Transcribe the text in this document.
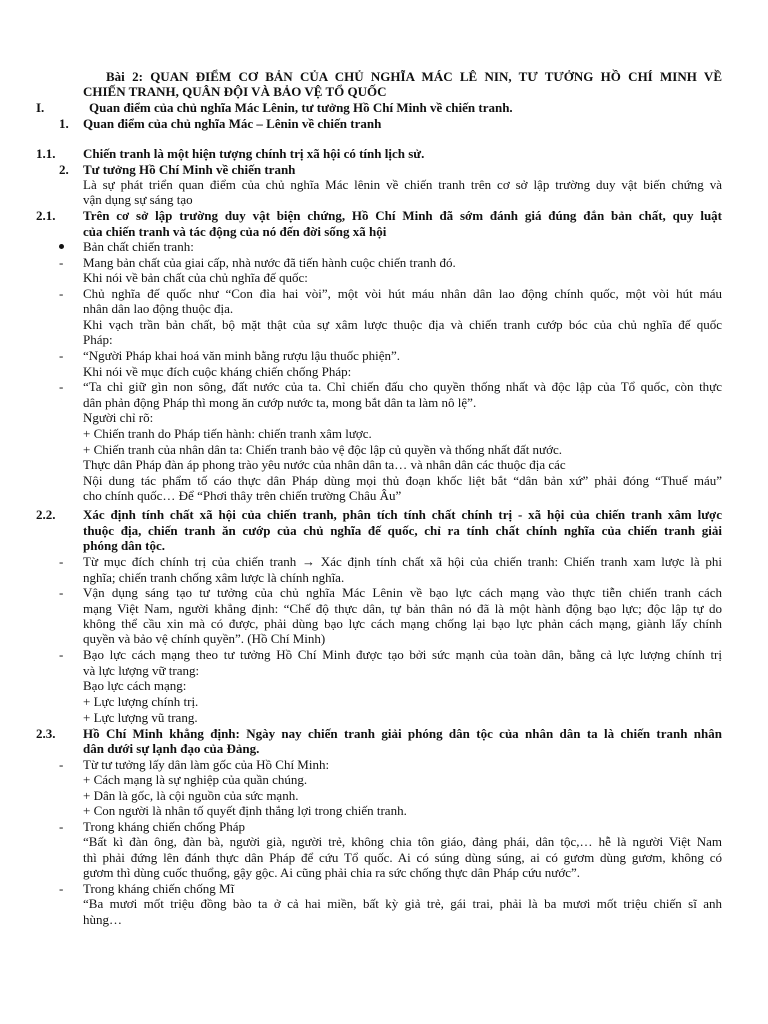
Bài 2: QUAN ĐIỂM CƠ BẢN CỦA CHỦ NGHĨA MÁC LÊ NIN, TƯ TƯỞNG HỒ CHÍ MINH VỀ
CHIẾN TRANH, QUÂN ĐỘI VÀ BẢO VỆ TỔ QUỐC
I.	Quan điểm của chủ nghĩa Mác Lênin, tư tưởng Hồ Chí Minh về chiến tranh.
1. Quan điểm của chủ nghĩa Mác – Lênin về chiến tranh
1.1. Chiến tranh là một hiện tượng chính trị xã hội có tính lịch sử.
2. Tư tưởng Hồ Chí Minh về chiến tranh
Là sự phát triển quan điểm của chủ nghĩa Mác lênin về chiến tranh trên cơ sở lập trường duy vật biến chứng và
vận dụng sự sáng tạo
2.1. Trên cơ sở lập trường duy vật biện chứng, Hồ Chí Minh đã sớm đánh giá đúng đắn bản chất, quy luật
của chiến tranh và tác động của nó đến đời sống xã hội
Bản chất chiến tranh:
- Mang bản chất của giai cấp, nhà nước đã tiến hành cuộc chiến tranh đó.
Khi nói về bản chất của chủ nghĩa đế quốc:
- Chủ nghĩa đế quốc như “Con đỉa hai vòi”, một vòi hút máu nhân dân lao động chính quốc, một vòi hút máu
nhân dân lao động thuộc địa.
Khi vạch trần bản chất, bộ mặt thật của sự xâm lược thuộc địa và chiến tranh cướp bóc của chủ nghĩa đế quốc
Pháp:
- “Người Pháp khai hoá văn minh bằng rượu lậu thuốc phiện”.
Khi nói về mục đích cuộc kháng chiến chống Pháp:
- “Ta chỉ giữ gìn non sông, đất nước của ta. Chỉ chiến đấu cho quyền thống nhất và độc lập của Tổ quốc, còn thực
dân phản động Pháp thì mong ăn cướp nước ta, mong bắt dân ta làm nô lệ”.
Người chỉ rõ:
+ Chiến tranh do Pháp tiến hành: chiến tranh xâm lược.
+ Chiến tranh của nhân dân ta: Chiến tranh bảo vệ độc lập củ quyền và thống nhất đất nước.
Thực dân Pháp đàn áp phong trào yêu nước của nhân dân ta… và nhân dân các thuộc địa các
Nội dung tác phẩm tố cáo thực dân Pháp dùng mọi thủ đoạn khốc liệt bắt “dân bản xứ” phải đóng “Thuế máu”
cho chính quốc… Để “Phơi thây trên chiến trường Châu Âu”
2.2. Xác định tính chất xã hội của chiến tranh, phân tích tính chất chính trị - xã hội của chiến tranh xâm lược
thuộc địa, chiến tranh ăn cướp của chủ nghĩa đế quốc, chỉ ra tính chất chính nghĩa của chiến tranh giải
phóng dân tộc.
- Từ mục đích chính trị của chiến tranh → Xác định tính chất xã hội của chiến tranh: Chiến tranh xam lược là phi
nghĩa; chiến tranh chống xâm lược là chính nghĩa.
- Vận dụng sáng tạo tư tưởng của chủ nghĩa Mác Lênin về bạo lực cách mạng vào thực tiễn chiến tranh cách
mạng Việt Nam, người khẳng định: “Chế độ thực dân, tự bản thân nó đã là một hành động bạo lực; độc lập tự do
không thể cầu xin mà có được, phải dùng bạo lực cách mạng chống lại bạo lực phản cách mạng, giành lấy chính
quyền và bảo vệ chính quyền”. (Hồ Chí Minh)
- Bạo lực cách mạng theo tư tưởng Hồ Chí Minh được tạo bởi sức mạnh của toàn dân, bằng cả lực lượng chính trị
và lực lượng vữ trang:
Bạo lực cách mạng:
+ Lực lượng chính trị.
+ Lực lượng vũ trang.
2.3. Hồ Chí Minh khẳng định: Ngày nay chiến tranh giải phóng dân tộc của nhân dân ta là chiến tranh nhân
dân dưới sự lạnh đạo của Đảng.
- Từ tư tưởng lấy dân làm gốc của Hồ Chí Minh:
+ Cách mạng là sự nghiệp của quần chúng.
+ Dân là gốc, là cội nguồn của sức mạnh.
+ Con người là nhân tố quyết định thắng lợi trong chiến tranh.
- Trong kháng chiến chống Pháp
“Bất kì đàn ông, đàn bà, người già, người trẻ, không chia tôn giáo, đảng phái, dân tộc,… hễ là người Việt Nam
thì phải đứng lên đánh thực dân Pháp để cứu Tổ quốc. Ai có súng dùng súng, ai có gươm dùng gươm, không có
gươm thì dùng cuốc thuổng, gậy gộc. Ai cũng phải chia ra sức chống thực dân Pháp cứu nước”.
- Trong kháng chiến chống Mĩ
“Ba mươi mốt triệu đồng bào ta ở cả hai miền, bất kỳ giả trẻ, gái trai, phải là ba mươi mốt triệu chiến sĩ anh
hùng…
